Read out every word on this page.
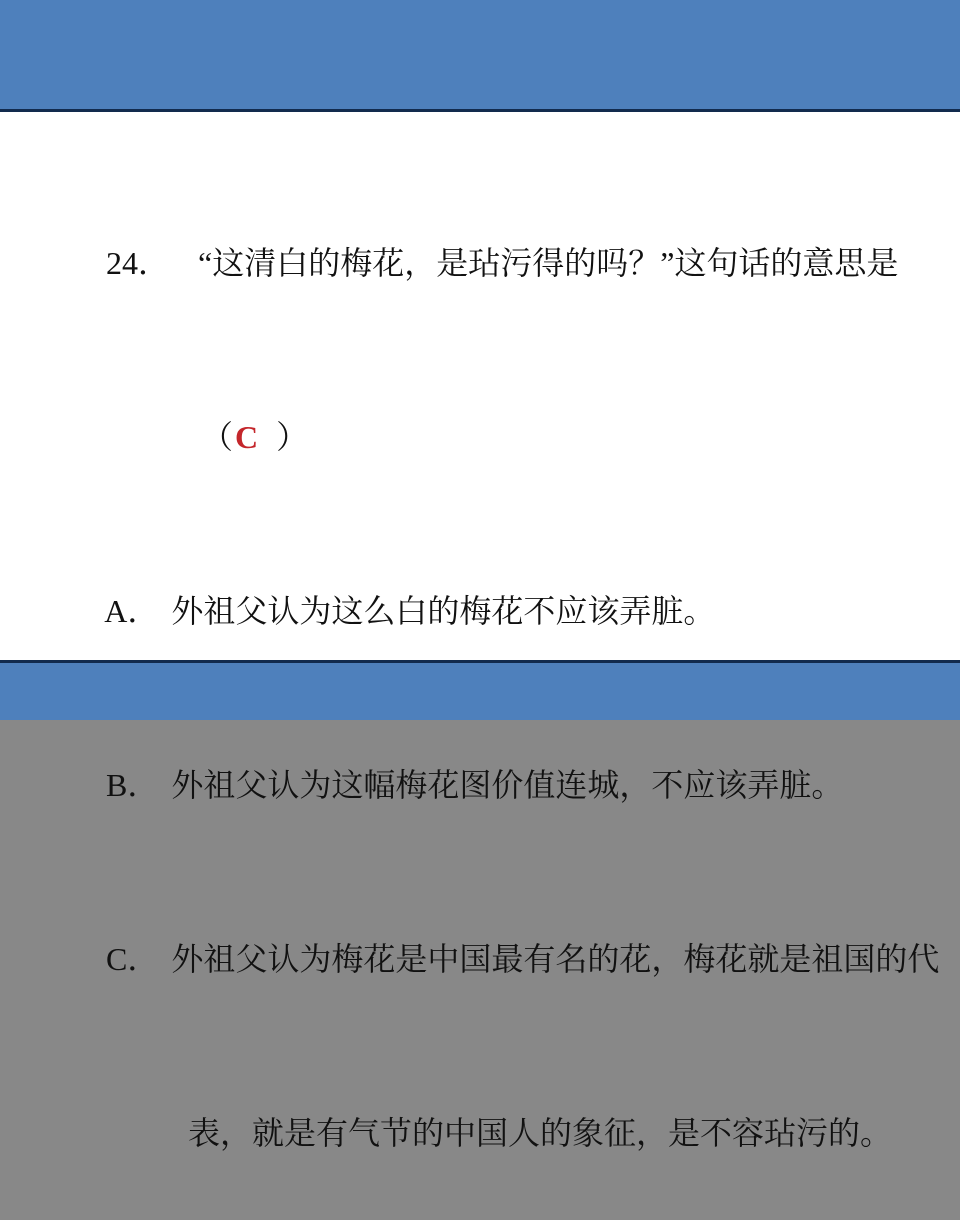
24． “这清白的梅花，是玷污得的吗？”这句话的意思是

（C ）

A． 外祖父认为这么白的梅花不应该弄脏。

B． 外祖父认为这幅梅花图价值连城，不应该弄脏。

C． 外祖父认为梅花是中国最有名的花，梅花就是祖国的代

表，就是有气节的中国人的象征，是不容玷污的。
